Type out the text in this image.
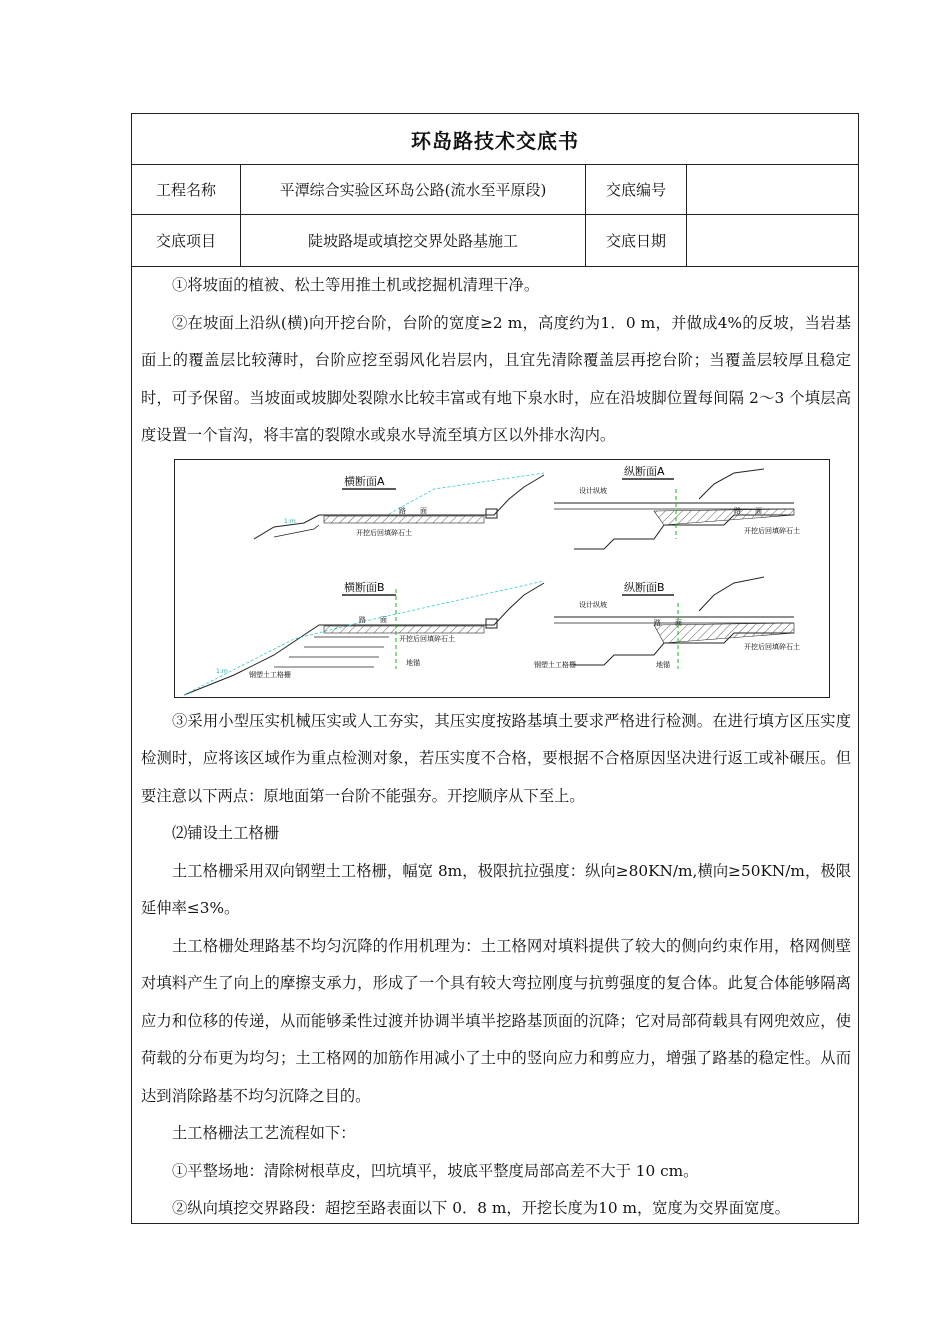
环岛路技术交底书
工程名称	平潭综合实验区环岛公路(流水至平原段)	交底编号
交底项目	陡坡路堤或填挖交界处路基施工	交底日期

①将坡面的植被、松土等用推土机或挖掘机清理干净。

②在坡面上沿纵(横)向开挖台阶，台阶的宽度≥2 m，高度约为1．0 m，并做成4%的反坡，当岩基面上的覆盖层比较薄时，台阶应挖至弱风化岩层内，且宜先清除覆盖层再挖台阶；当覆盖层较厚且稳定时，可予保留。当坡面或坡脚处裂隙水比较丰富或有地下泉水时，应在沿坡脚位置每间隔 2～3 个填层高度设置一个盲沟，将丰富的裂隙水或泉水导流至填方区以外排水沟内。

横断面A
路　　面
开挖后回填碎石土
1:m
纵断面A
设计纵坡
路　　面
开挖后回填碎石土
横断面B
路　　面
开挖后回填碎石土
钢塑土工格栅
地锚
1:m
纵断面B
设计纵坡
路　　面
开挖后回填碎石土
钢塑土工格栅	地锚

③采用小型压实机械压实或人工夯实，其压实度按路基填土要求严格进行检测。在进行填方区压实度检测时，应将该区域作为重点检测对象，若压实度不合格，要根据不合格原因坚决进行返工或补碾压。但要注意以下两点：原地面第一台阶不能强夯。开挖顺序从下至上。

⑵铺设土工格栅

土工格栅采用双向钢塑土工格栅，幅宽 8m，极限抗拉强度：纵向≥80KN/m,横向≥50KN/m，极限延伸率≤3%。

土工格栅处理路基不均匀沉降的作用机理为：土工格网对填料提供了较大的侧向约束作用，格网侧壁对填料产生了向上的摩擦支承力，形成了一个具有较大弯拉刚度与抗剪强度的复合体。此复合体能够隔离应力和位移的传递，从而能够柔性过渡并协调半填半挖路基顶面的沉降；它对局部荷载具有网兜效应，使荷载的分布更为均匀；土工格网的加筋作用减小了土中的竖向应力和剪应力，增强了路基的稳定性。从而达到消除路基不均匀沉降之目的。

土工格栅法工艺流程如下：

①平整场地：清除树根草皮，凹坑填平，坡底平整度局部高差不大于 10 cm。

②纵向填挖交界路段：超挖至路表面以下 0．8 m，开挖长度为10 m，宽度为交界面宽度。
